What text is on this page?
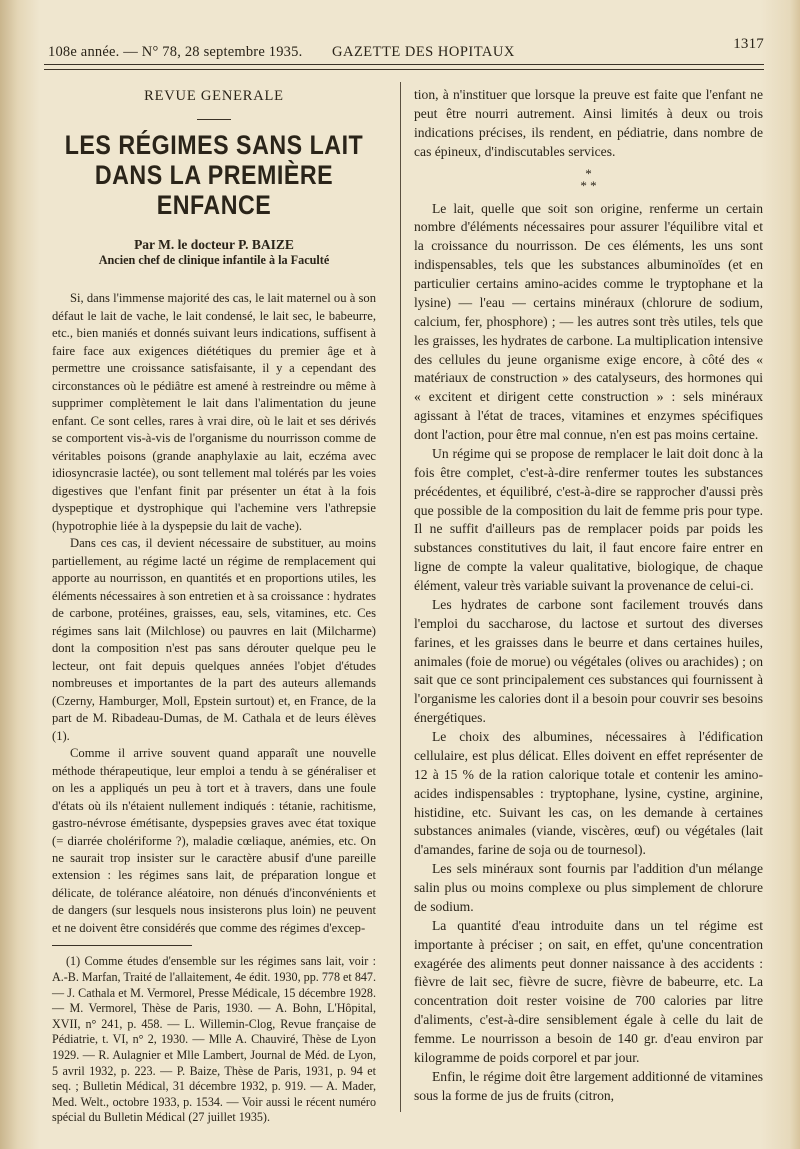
108e année. — N° 78, 28 septembre 1935. GAZETTE DES HOPITAUX	1317
REVUE GENERALE
LES RÉGIMES SANS LAIT DANS LA PREMIÈRE ENFANCE
Par M. le docteur P. BAIZE
Ancien chef de clinique infantile à la Faculté

Si, dans l'immense majorité des cas, le lait maternel ou à son défaut le lait de vache, le lait condensé, le lait sec, le babeurre, etc., bien maniés et donnés suivant leurs indications, suffisent à faire face aux exigences diététiques du premier âge et à permettre une croissance satisfaisante, il y a cependant des circonstances où le pédiâtre est amené à restreindre ou même à supprimer complètement le lait dans l'alimentation du jeune enfant. Ce sont celles, rares à vrai dire, où le lait et ses dérivés se comportent vis-à-vis de l'organisme du nourrisson comme de véritables poisons (grande anaphylaxie au lait, eczéma avec idiosyncrasie lactée), ou sont tellement mal tolérés par les voies digestives que l'enfant finit par présenter un état à la fois dyspeptique et dystrophique qui l'achemine vers l'athrepsie (hypotrophie liée à la dyspepsie du lait de vache).

Dans ces cas, il devient nécessaire de substituer, au moins partiellement, au régime lacté un régime de remplacement qui apporte au nourrisson, en quantités et en proportions utiles, les éléments nécessaires à son entretien et à sa croissance : hydrates de carbone, protéines, graisses, eau, sels, vitamines, etc. Ces régimes sans lait (Milchlose) ou pauvres en lait (Milcharme) dont la composition n'est pas sans dérouter quelque peu le lecteur, ont fait depuis quelques années l'objet d'études nombreuses et importantes de la part des auteurs allemands (Czerny, Hamburger, Moll, Epstein surtout) et, en France, de la part de M. Ribadeau-Dumas, de M. Cathala et de leurs élèves (1).

Comme il arrive souvent quand apparaît une nouvelle méthode thérapeutique, leur emploi a tendu à se généraliser et on les a appliqués un peu à tort et à travers, dans une foule d'états où ils n'étaient nullement indiqués : tétanie, rachitisme, gastro-névrose émétisante, dyspepsies graves avec état toxique (= diarrée cholériforme ?), maladie cœliaque, anémies, etc. On ne saurait trop insister sur le caractère abusif d'une pareille extension : les régimes sans lait, de préparation longue et délicate, de tolérance aléatoire, non dénués d'inconvénients et de dangers (sur lesquels nous insisterons plus loin) ne peuvent et ne doivent être considérés que comme des régimes d'excep-

(1) Comme études d'ensemble sur les régimes sans lait, voir : A.-B. Marfan, Traité de l'allaitement, 4e édit. 1930, pp. 778 et 847. — J. Cathala et M. Vermorel, Presse Médicale, 15 décembre 1928. — M. Vermorel, Thèse de Paris, 1930. — A. Bohn, L'Hôpital, XVII, n° 241, p. 458. — L. Willemin-Clog, Revue française de Pédiatrie, t. VI, n° 2, 1930. — Mlle A. Chauviré, Thèse de Lyon 1929. — R. Aulagnier et Mlle Lambert, Journal de Méd. de Lyon, 5 avril 1932, p. 223. — P. Baize, Thèse de Paris, 1931, p. 94 et seq. ; Bulletin Médical, 31 décembre 1932, p. 919. — A. Mader, Med. Welt., octobre 1933, p. 1534. — Voir aussi le récent numéro spécial du Bulletin Médical (27 juillet 1935).

tion, à n'instituer que lorsque la preuve est faite que l'enfant ne peut être nourri autrement. Ainsi limités à deux ou trois indications précises, ils rendent, en pédiatrie, dans nombre de cas épineux, d'indiscutables services.

*
* *

Le lait, quelle que soit son origine, renferme un certain nombre d'éléments nécessaires pour assurer l'équilibre vital et la croissance du nourrisson. De ces éléments, les uns sont indispensables, tels que les substances albuminoïdes (et en particulier certains amino-acides comme le tryptophane et la lysine) — l'eau — certains minéraux (chlorure de sodium, calcium, fer, phosphore) ; — les autres sont très utiles, tels que les graisses, les hydrates de carbone. La multiplication intensive des cellules du jeune organisme exige encore, à côté des « matériaux de construction » des catalyseurs, des hormones qui « excitent et dirigent cette construction » : sels minéraux agissant à l'état de traces, vitamines et enzymes spécifiques dont l'action, pour être mal connue, n'en est pas moins certaine.

Un régime qui se propose de remplacer le lait doit donc à la fois être complet, c'est-à-dire renfermer toutes les substances précédentes, et équilibré, c'est-à-dire se rapprocher d'aussi près que possible de la composition du lait de femme pris pour type. Il ne suffit d'ailleurs pas de remplacer poids par poids les substances constitutives du lait, il faut encore faire entrer en ligne de compte la valeur qualitative, biologique, de chaque élément, valeur très variable suivant la provenance de celui-ci.

Les hydrates de carbone sont facilement trouvés dans l'emploi du saccharose, du lactose et surtout des diverses farines, et les graisses dans le beurre et dans certaines huiles, animales (foie de morue) ou végétales (olives ou arachides) ; on sait que ce sont principalement ces substances qui fournissent à l'organisme les calories dont il a besoin pour couvrir ses besoins énergétiques.

Le choix des albumines, nécessaires à l'édification cellulaire, est plus délicat. Elles doivent en effet représenter de 12 à 15 % de la ration calorique totale et contenir les amino-acides indispensables : tryptophane, lysine, cystine, arginine, histidine, etc. Suivant les cas, on les demande à certaines substances animales (viande, viscères, œuf) ou végétales (lait d'amandes, farine de soja ou de tournesol).

Les sels minéraux sont fournis par l'addition d'un mélange salin plus ou moins complexe ou plus simplement de chlorure de sodium.

La quantité d'eau introduite dans un tel régime est importante à préciser ; on sait, en effet, qu'une concentration exagérée des aliments peut donner naissance à des accidents : fièvre de lait sec, fièvre de sucre, fièvre de babeurre, etc. La concentration doit rester voisine de 700 calories par litre d'aliments, c'est-à-dire sensiblement égale à celle du lait de femme. Le nourrisson a besoin de 140 gr. d'eau environ par kilogramme de poids corporel et par jour.

Enfin, le régime doit être largement additionné de vitamines sous la forme de jus de fruits (citron,
